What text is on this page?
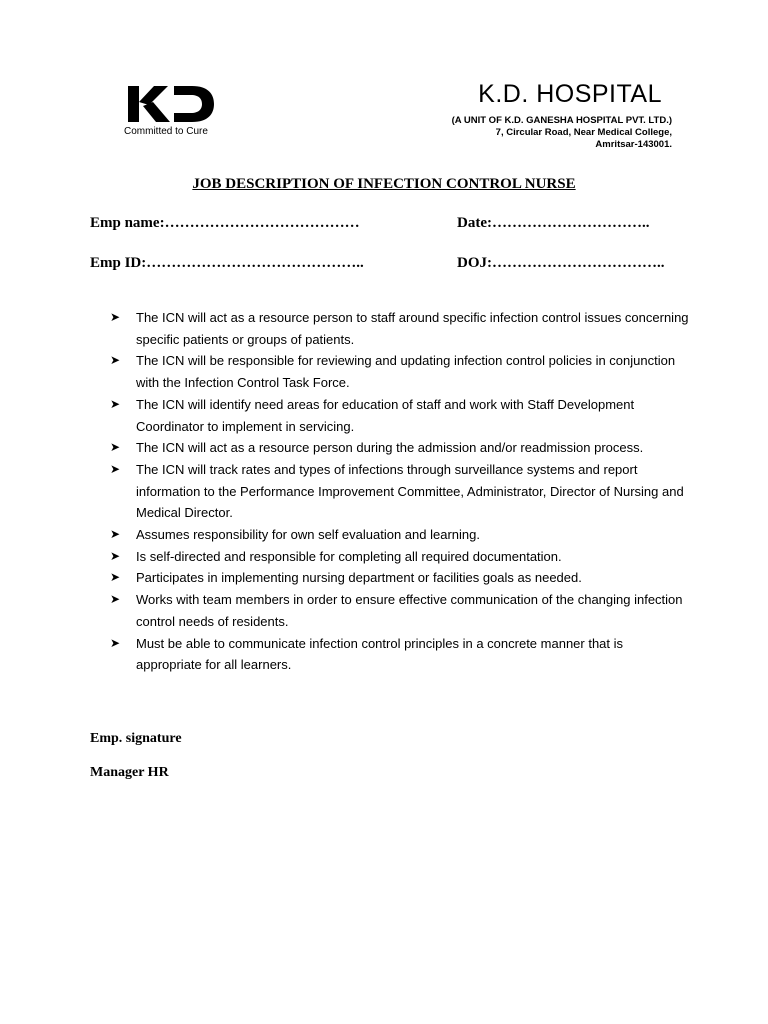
Committed to Cure
K.D. HOSPITAL
(A UNIT OF K.D. GANESHA HOSPITAL PVT. LTD.)
7, Circular Road, Near Medical College,
Amritsar-143001.
JOB DESCRIPTION OF INFECTION CONTROL NURSE
Emp name:…………………………………	Date:…………………………..
Emp ID:……………………………………..	DOJ:……………………………..
➤ The ICN will act as a resource person to staff around specific infection control issues concerning specific patients or groups of patients.
➤ The ICN will be responsible for reviewing and updating infection control policies in conjunction with the Infection Control Task Force.
➤ The ICN will identify need areas for education of staff and work with Staff Development Coordinator to implement in servicing.
➤ The ICN will act as a resource person during the admission and/or readmission process.
➤ The ICN will track rates and types of infections through surveillance systems and report information to the Performance Improvement Committee, Administrator, Director of Nursing and Medical Director.
➤ Assumes responsibility for own self evaluation and learning.
➤ Is self-directed and responsible for completing all required documentation.
➤ Participates in implementing nursing department or facilities goals as needed.
➤ Works with team members in order to ensure effective communication of the changing infection control needs of residents.
➤ Must be able to communicate infection control principles in a concrete manner that is appropriate for all learners.
Emp. signature
Manager HR
